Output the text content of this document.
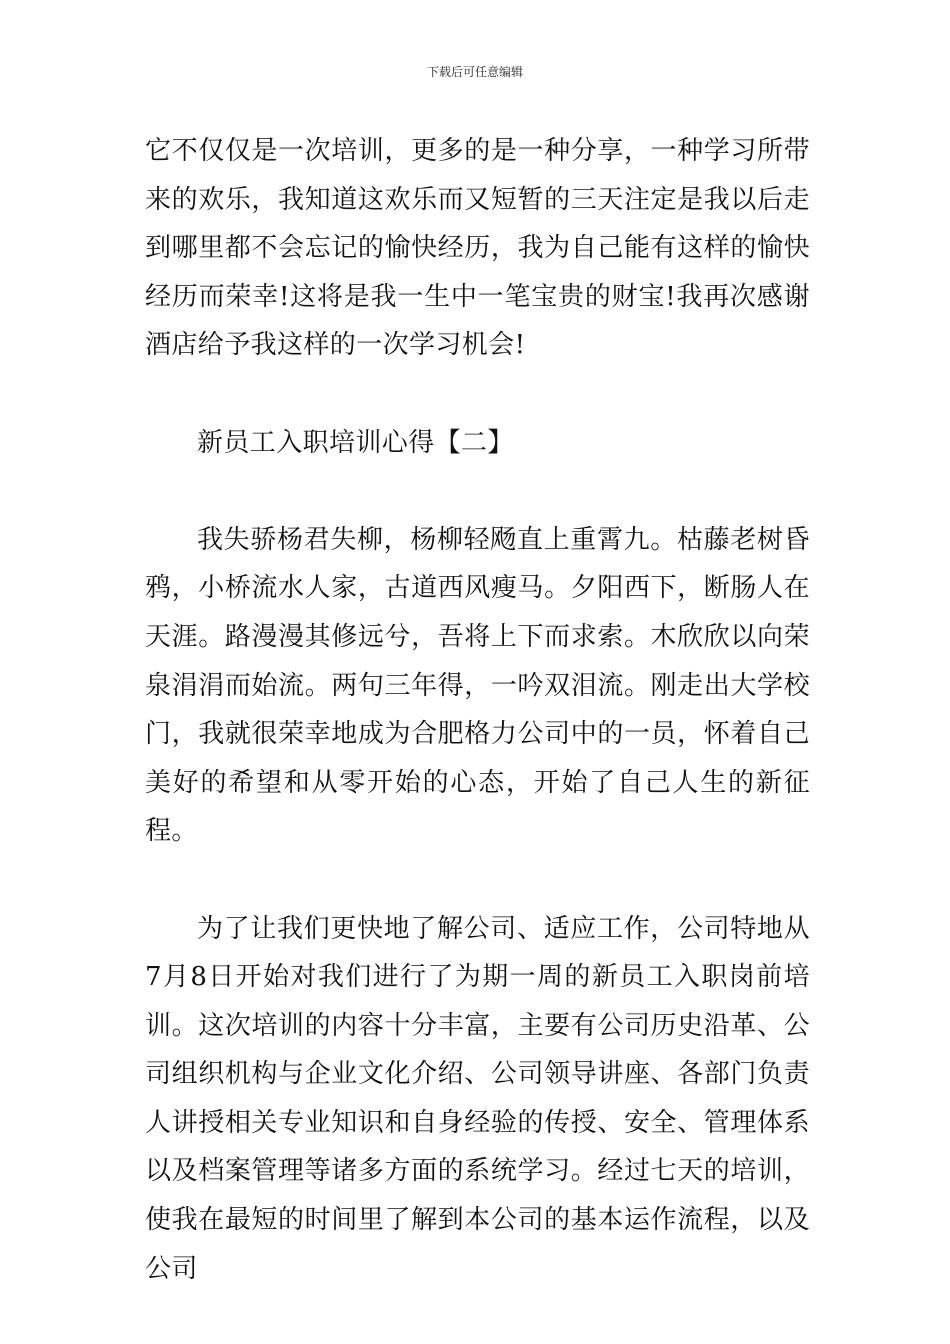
下载后可任意编辑

它不仅仅是一次培训，更多的是一种分享，一种学习所带来的欢乐，我知道这欢乐而又短暂的三天注定是我以后走到哪里都不会忘记的愉快经历，我为自己能有这样的愉快经历而荣幸!这将是我一生中一笔宝贵的财宝!我再次感谢酒店给予我这样的一次学习机会!

新员工入职培训心得【二】

我失骄杨君失柳，杨柳轻飏直上重霄九。枯藤老树昏鸦，小桥流水人家，古道西风瘦马。夕阳西下，断肠人在天涯。路漫漫其修远兮，吾将上下而求索。木欣欣以向荣泉涓涓而始流。两句三年得，一吟双泪流。刚走出大学校门，我就很荣幸地成为合肥格力公司中的一员，怀着自己美好的希望和从零开始的心态，开始了自己人生的新征程。

为了让我们更快地了解公司、适应工作，公司特地从7月8日开始对我们进行了为期一周的新员工入职岗前培训。这次培训的内容十分丰富，主要有公司历史沿革、公司组织机构与企业文化介绍、公司领导讲座、各部门负责人讲授相关专业知识和自身经验的传授、安全、管理体系以及档案管理等诸多方面的系统学习。经过七天的培训，使我在最短的时间里了解到本公司的基本运作流程，以及公司
